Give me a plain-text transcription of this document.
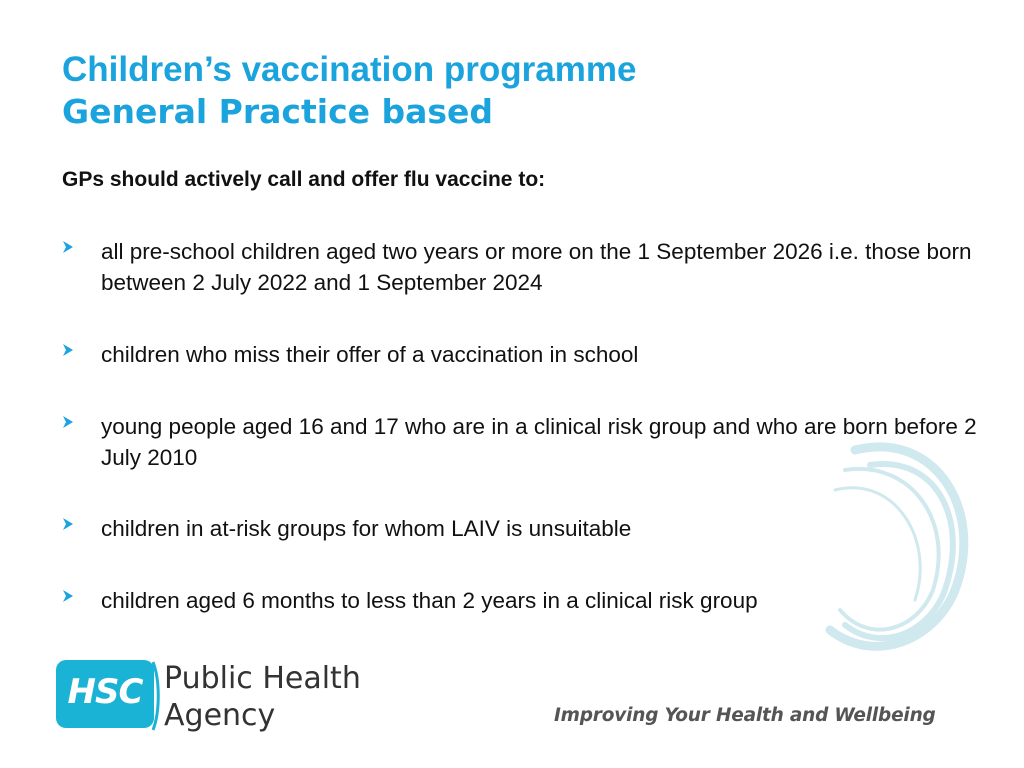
Children’s vaccination programme
General Practice based
GPs should actively call and offer flu vaccine to:
all pre-school children aged two years or more on the 1 September 2026 i.e. those born between 2 July 2022 and 1 September 2024
children who miss their offer of a vaccination in school
young people aged 16 and 17 who are in a clinical risk group and who are born before 2 July 2010
children in at-risk groups for whom LAIV is unsuitable
children aged 6 months to less than 2 years in a clinical risk group
HSC Public Health
Agency	Improving Your Health and Wellbeing
